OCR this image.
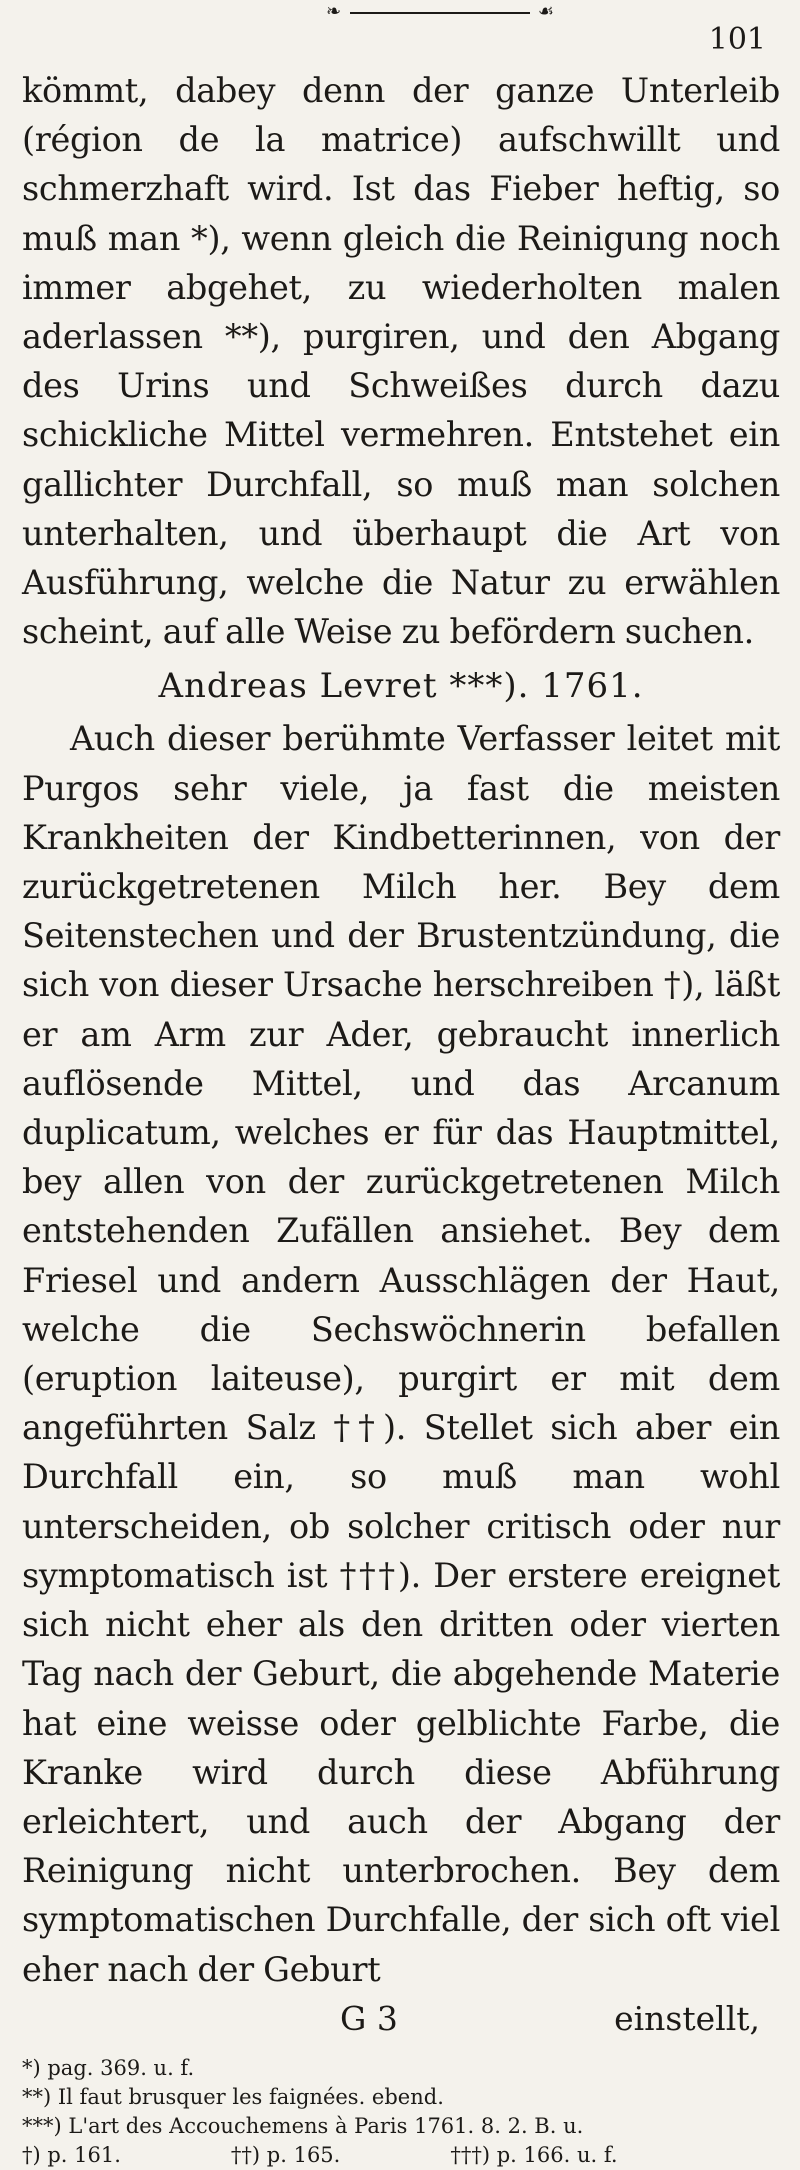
❧	☙
101

kömmt, dabey denn der ganze Unterleib (région de la matrice) aufschwillt und schmerzhaft wird. Ist das Fieber heftig, so muß man *), wenn gleich die Reinigung noch immer abgehet, zu wiederholten malen aderlassen **), purgiren, und den Abgang des Urins und Schweißes durch dazu schickliche Mittel vermehren. Entstehet ein gallichter Durchfall, so muß man solchen unterhalten, und überhaupt die Art von Ausführung, welche die Natur zu erwählen scheint, auf alle Weise zu befördern suchen.

Andreas Levret ***). 1761.

Auch dieser berühmte Verfasser leitet mit Purgos sehr viele, ja fast die meisten Krankheiten der Kindbetterinnen, von der zurückgetretenen Milch her. Bey dem Seitenstechen und der Brustentzündung, die sich von dieser Ursache herschreiben †), läßt er am Arm zur Ader, gebraucht innerlich auflösende Mittel, und das Arcanum duplicatum, welches er für das Hauptmittel, bey allen von der zurückgetretenen Milch entstehenden Zufällen ansiehet. Bey dem Friesel und andern Ausschlägen der Haut, welche die Sechswöchnerin befallen (eruption laiteuse), purgirt er mit dem angeführten Salz ††). Stellet sich aber ein Durchfall ein, so muß man wohl unterscheiden, ob solcher critisch oder nur symptomatisch ist †††). Der erstere ereignet sich nicht eher als den dritten oder vierten Tag nach der Geburt, die abgehende Materie hat eine weisse oder gelblichte Farbe, die Kranke wird durch diese Abführung erleichtert, und auch der Abgang der Reinigung nicht unterbrochen. Bey dem symptomatischen Durchfalle, der sich oft viel eher nach der Geburt

G 3	einstellt,
*) pag. 369. u. f.
**) Il faut brusquer les faignées. ebend.
***) L'art des Accouchemens à Paris 1761. 8. 2. B. u.
†) p. 161.	††) p. 165.	†††) p. 166. u. f.
